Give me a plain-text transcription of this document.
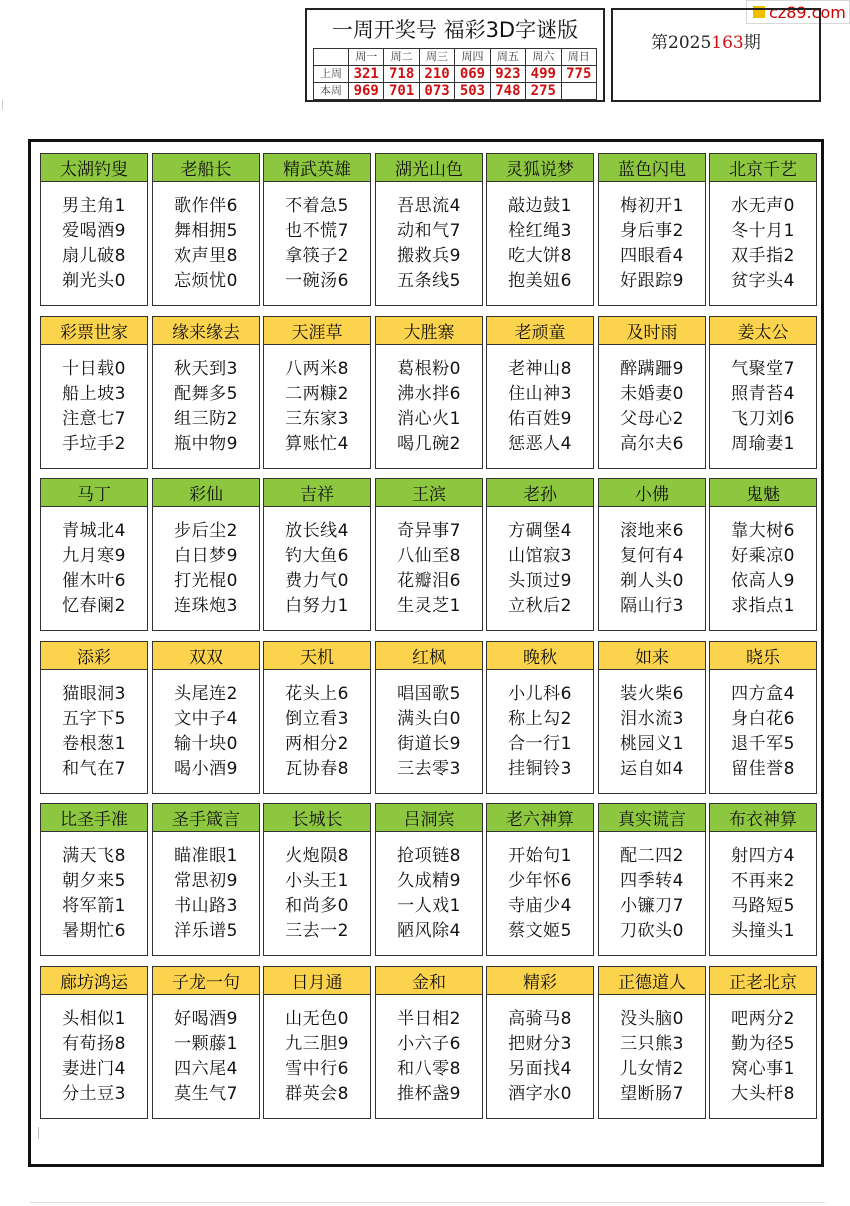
cz89.com
一周开奖号 福彩3D字谜版
	周一	周二	周三	周四	周五	周六	周日
上周	321	718	210	069	923	499	775
本周	969	701	073	503	748	275	
第2025163期
太湖钓叟
男主角1
爱喝酒9
扇儿破8
剃光头0
老船长
歌作伴6
舞相拥5
欢声里8
忘烦忧0
精武英雄
不着急5
也不慌7
拿筷子2
一碗汤6
湖光山色
吾思流4
动和气7
搬救兵9
五条线5
灵狐说梦
敲边鼓1
栓红绳3
吃大饼8
抱美妞6
蓝色闪电
梅初开1
身后事2
四眼看4
好跟踪9
北京千艺
水无声0
冬十月1
双手指2
贫字头4
彩票世家
十日载0
船上坡3
注意七7
手垃手2
缘来缘去
秋天到3
配舞多5
组三防2
瓶中物9
天涯草
八两米8
二两糠2
三东家3
算账忙4
大胜寨
葛根粉0
沸水拌6
消心火1
喝几碗2
老顽童
老神山8
住山神3
佑百姓9
惩恶人4
及时雨
醉蹒跚9
未婚妻0
父母心2
高尔夫6
姜太公
气聚堂7
照青苔4
飞刀刘6
周瑜妻1
马丁
青城北4
九月寒9
催木叶6
忆春阑2
彩仙
步后尘2
白日梦9
打光棍0
连珠炮3
吉祥
放长线4
钓大鱼6
费力气0
白努力1
王滨
奇异事7
八仙至8
花瓣泪6
生灵芝1
老孙
方碉堡4
山馆寂3
头顶过9
立秋后2
小佛
滚地来6
复何有4
剃人头0
隔山行3
鬼魅
靠大树6
好乘凉0
依高人9
求指点1
添彩
猫眼洞3
五字下5
卷根葱1
和气在7
双双
头尾连2
文中子4
输十块0
喝小酒9
天机
花头上6
倒立看3
两相分2
瓦协春8
红枫
唱国歌5
满头白0
街道长9
三去零3
晚秋
小儿科6
称上勾2
合一行1
挂铜铃3
如来
装火柴6
泪水流3
桃园义1
运自如4
晓乐
四方盒4
身白花6
退千军5
留佳誉8
比圣手准
满天飞8
朝夕来5
将军箭1
暑期忙6
圣手箴言
瞄准眼1
常思初9
书山路3
洋乐谱5
长城长
火炮陨8
小头王1
和尚多0
三去一2
吕洞宾
抢项链8
久成精9
一人戏1
陋风除4
老六神算
开始句1
少年怀6
寺庙少4
蔡文姬5
真实谎言
配二四2
四季转4
小镰刀7
刀砍头0
布衣神算
射四方4
不再来2
马路短5
头撞头1
廊坊鸿运
头相似1
有荀扬8
妻进门4
分土豆3
子龙一句
好喝酒9
一颗藤1
四六尾4
莫生气7
日月通
山无色0
九三胆9
雪中行6
群英会8
金和
半日相2
小六子6
和八零8
推杯盏9
精彩
高骑马8
把财分3
另面找4
酒字水0
正德道人
没头脑0
三只熊3
儿女情2
望断肠7
正老北京
吧两分2
勤为径5
窝心事1
大头杆8
